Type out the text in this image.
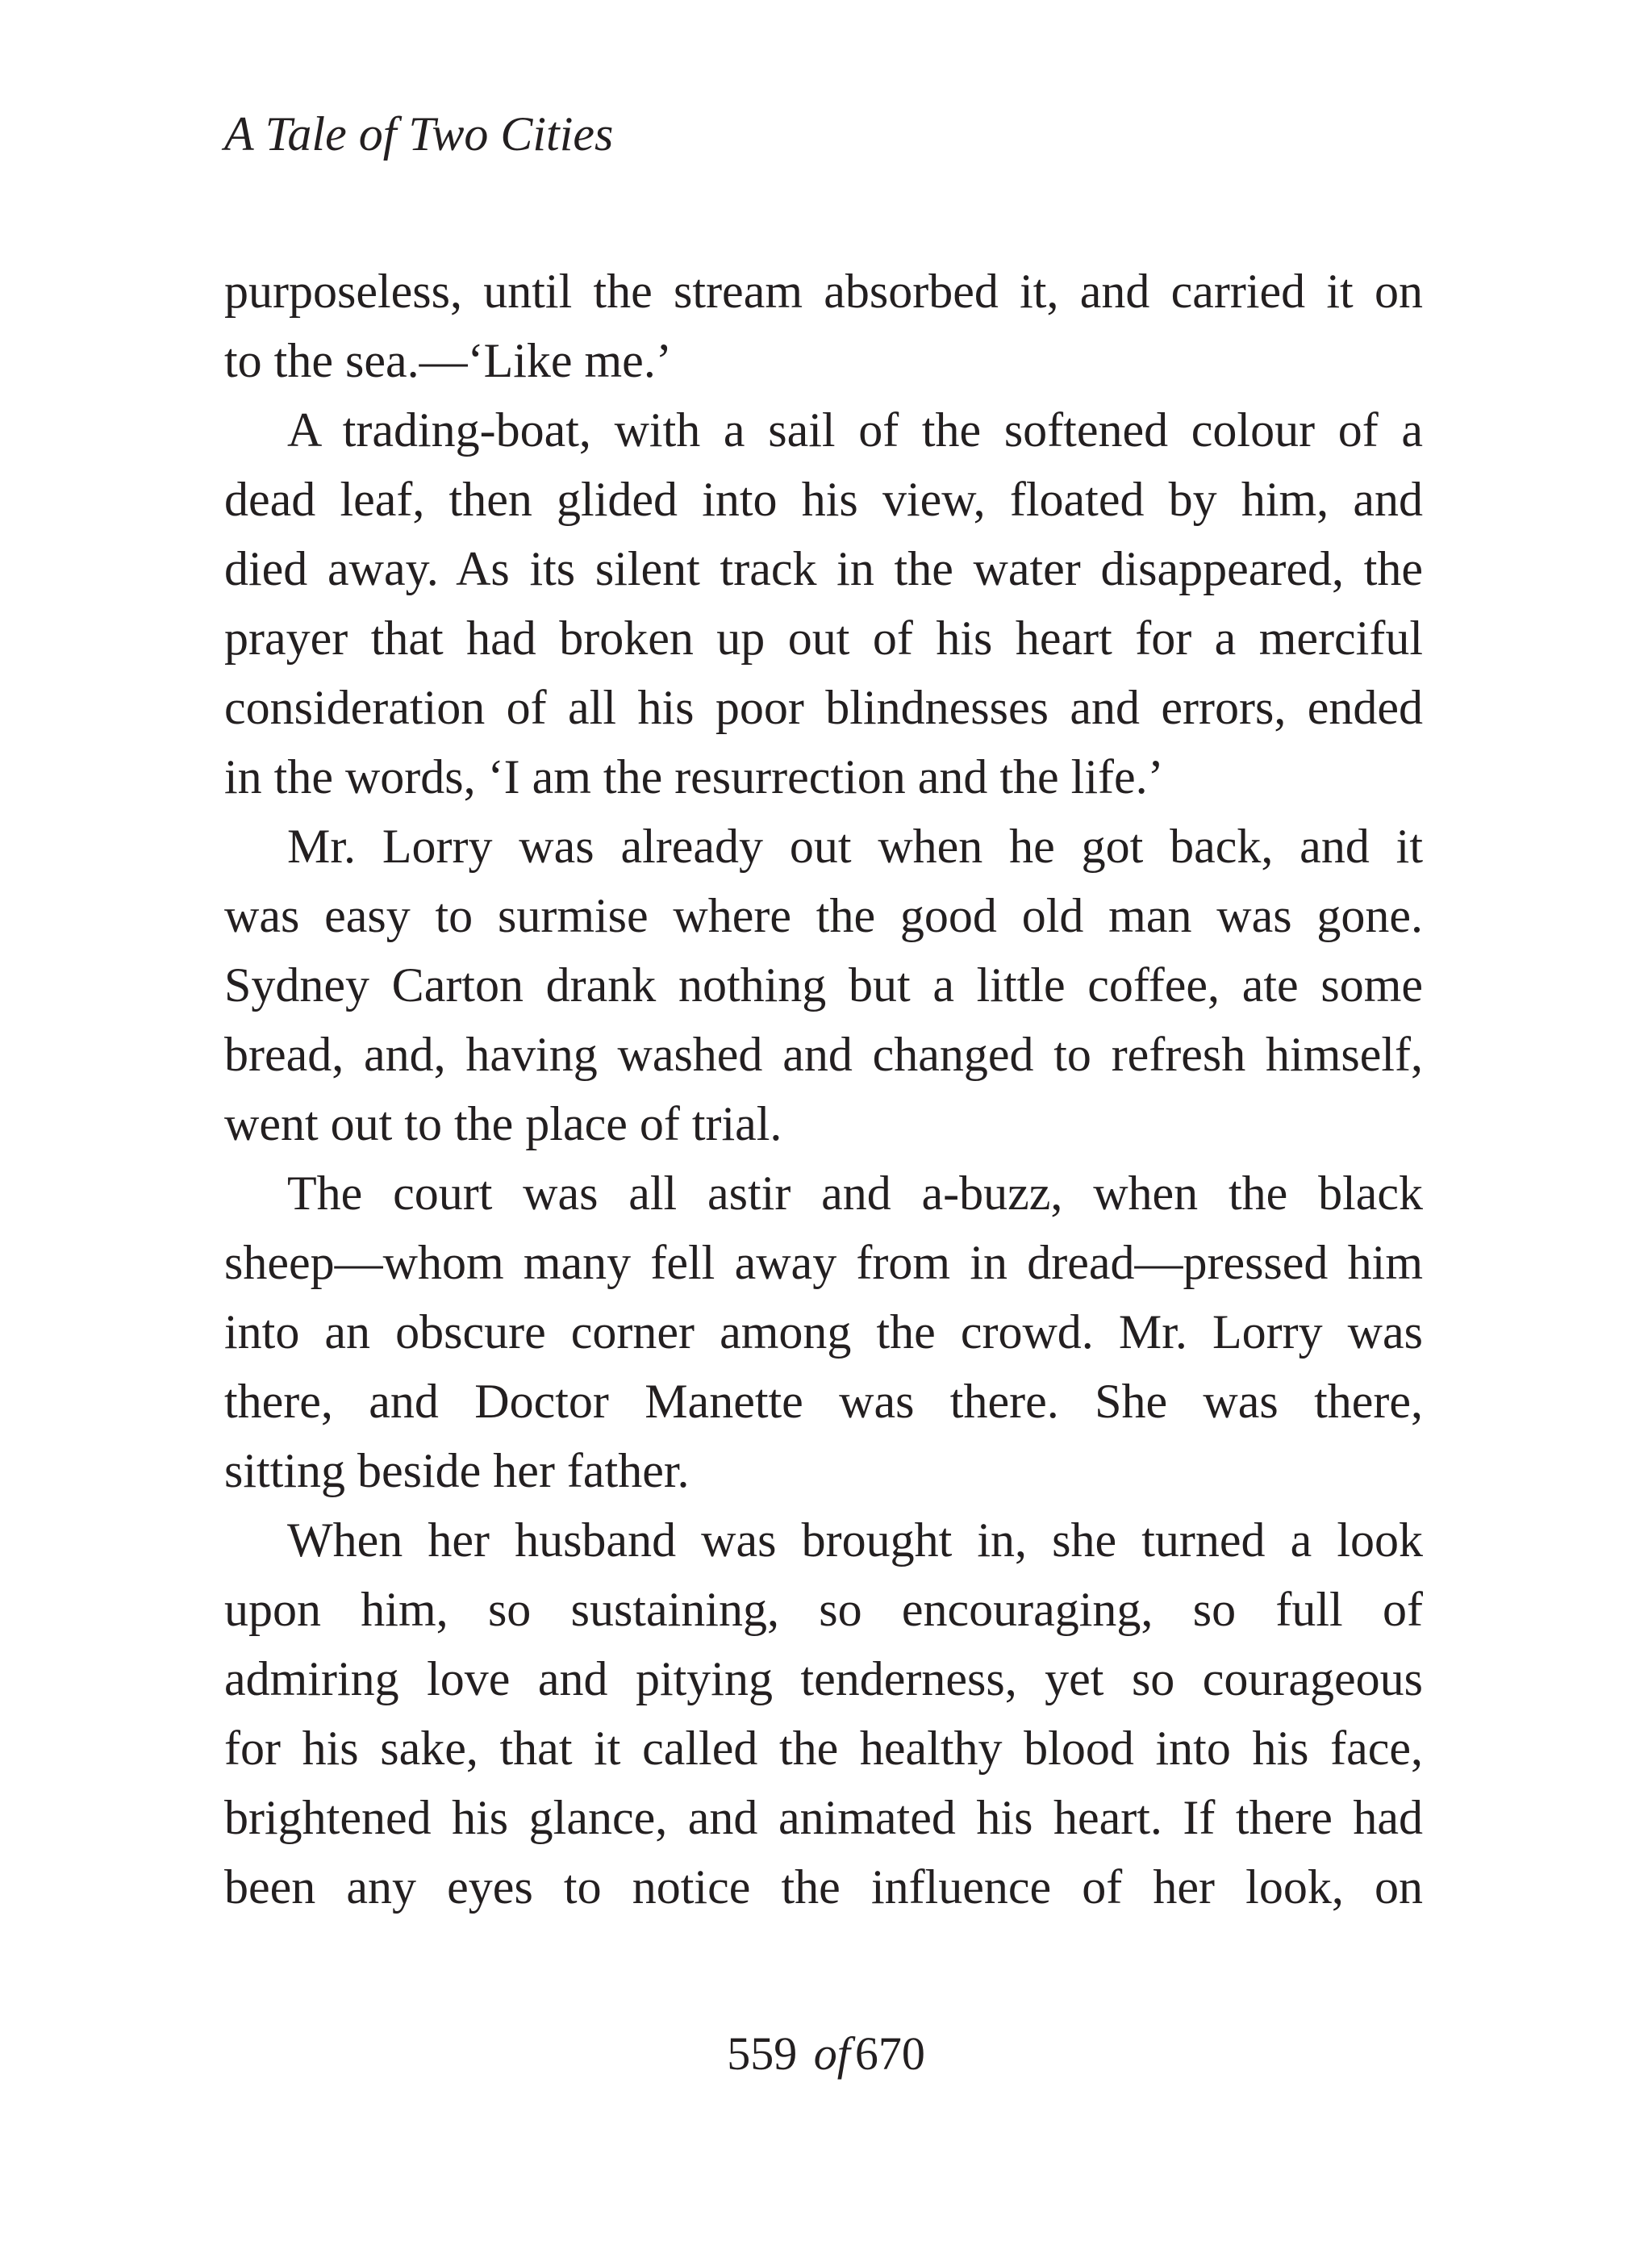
A Tale of Two Cities
purposeless, until the stream absorbed it, and carried it on
to the sea.—‘Like me.’
A trading-boat, with a sail of the softened colour of a
dead leaf, then glided into his view, floated by him, and
died away. As its silent track in the water disappeared, the
prayer that had broken up out of his heart for a merciful
consideration of all his poor blindnesses and errors, ended
in the words, ‘I am the resurrection and the life.’
Mr. Lorry was already out when he got back, and it
was easy to surmise where the good old man was gone.
Sydney Carton drank nothing but a little coffee, ate some
bread, and, having washed and changed to refresh himself,
went out to the place of trial.
The court was all astir and a-buzz, when the black
sheep—whom many fell away from in dread—pressed him
into an obscure corner among the crowd. Mr. Lorry was
there, and Doctor Manette was there. She was there,
sitting beside her father.
When her husband was brought in, she turned a look
upon him, so sustaining, so encouraging, so full of
admiring love and pitying tenderness, yet so courageous
for his sake, that it called the healthy blood into his face,
brightened his glance, and animated his heart. If there had
been any eyes to notice the influence of her look, on
559 of 670
